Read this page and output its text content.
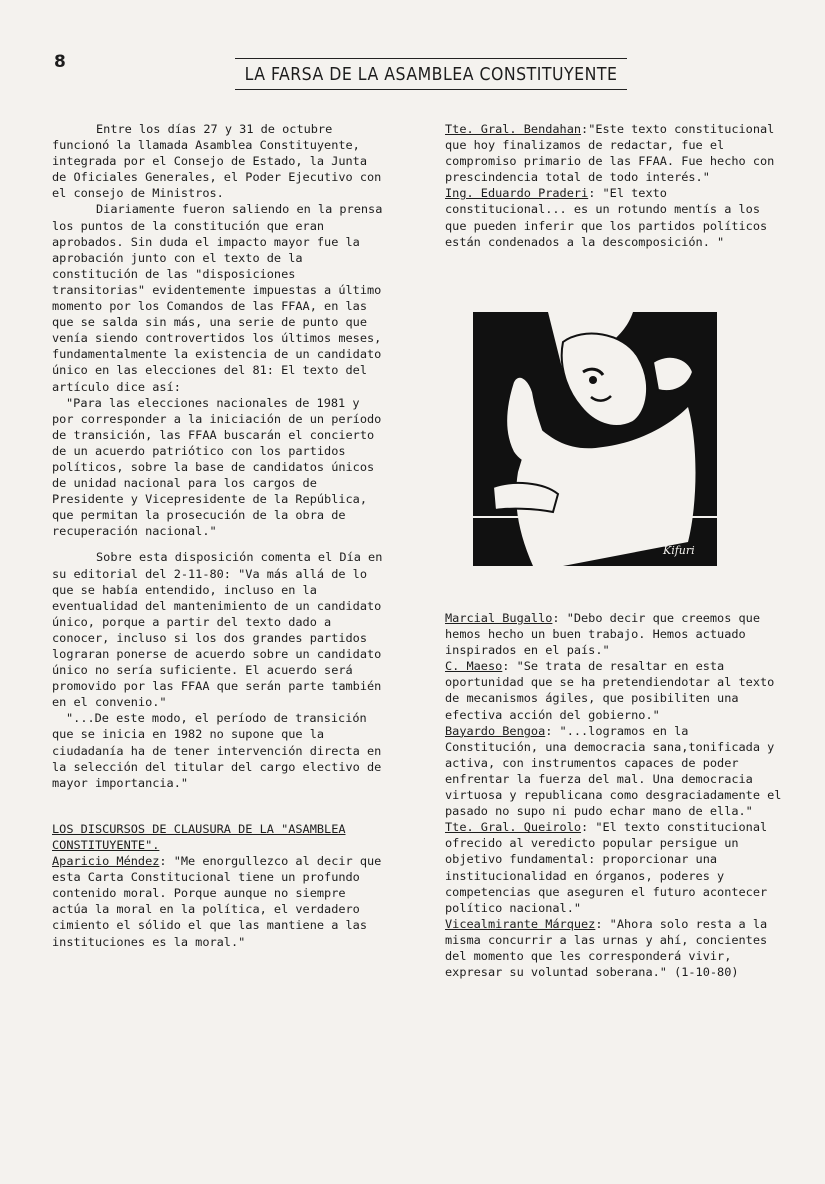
8
LA FARSA DE LA ASAMBLEA CONSTITUYENTE

Entre los días 27 y 31 de octubre funcionó la llamada Asamblea Constituyente, integrada por el Consejo de Estado, la Junta de Oficiales Generales, el Poder Ejecutivo con el consejo de Ministros.

Diariamente fueron saliendo en la prensa los puntos de la constitución que eran aprobados. Sin duda el impacto mayor fue la aprobación junto con el texto de la constitución de las "disposiciones transitorias" evidentemente impuestas a último momento por los Comandos de las FFAA, en las que se salda sin más, una serie de punto que venía siendo controvertidos los últimos meses, fundamentalmente la existencia de un candidato único en las elecciones del 81: El texto del artículo dice así:

"Para las elecciones nacionales de 1981 y por corresponder a la iniciación de un período de transición, las FFAA buscarán el concierto de un acuerdo patriótico con los partidos políticos, sobre la base de candidatos únicos de unidad nacional para los cargos de Presidente y Vicepresidente de la República, que permitan la prosecución de la obra de recuperación nacional."

Sobre esta disposición comenta el Día en su editorial del 2-11-80: "Va más allá de lo que se había entendido, incluso en la eventualidad del mantenimiento de un candidato único, porque a partir del texto dado a conocer, incluso si los dos grandes partidos lograran ponerse de acuerdo sobre un candidato único no sería suficiente. El acuerdo será promovido por las FFAA que serán parte también en el convenio."

"...De este modo, el período de transición que se inicia en 1982 no supone que la ciudadanía ha de tener intervención directa en la selección del titular del cargo electivo de mayor importancia."

LOS DISCURSOS DE CLAUSURA DE LA "ASAMBLEA CONSTITUYENTE".

Aparicio Méndez: "Me enorgullezco al decir que esta Carta Constitucional tiene un profundo contenido moral. Porque aunque no siempre actúa la moral en la política, el verdadero cimiento el sólido el que las mantiene a las instituciones es la moral."

Tte. Gral. Bendahan:"Este texto constitucional que hoy finalizamos de redactar, fue el compromiso primario de las FFAA. Fue hecho con prescindencia total de todo interés."

Ing. Eduardo Praderi: "El texto constitucional... es un rotundo mentís a los que pueden inferir que los partidos políticos están condenados a la descomposición. "

Kifuri

Marcial Bugallo: "Debo decir que creemos que hemos hecho un buen trabajo. Hemos actuado inspirados en el país."

C. Maeso: "Se trata de resaltar en esta oportunidad que se ha pretendiendotar al texto de mecanismos ágiles, que posibiliten una efectiva acción del gobierno."

Bayardo Bengoa: "...logramos en la Constitución, una democracia sana,tonificada y activa, con instrumentos capaces de poder enfrentar la fuerza del mal. Una democracia virtuosa y republicana como desgraciadamente el pasado no supo ni pudo echar mano de ella."

Tte. Gral. Queirolo: "El texto constitucional ofrecido al veredicto popular persigue un objetivo fundamental: proporcionar una institucionalidad en órganos, poderes y competencias que aseguren el futuro acontecer político nacional."

Vicealmirante Márquez: "Ahora solo resta a la misma concurrir a las urnas y ahí, concientes del momento que les corresponderá vivir, expresar su voluntad soberana." (1-10-80)
